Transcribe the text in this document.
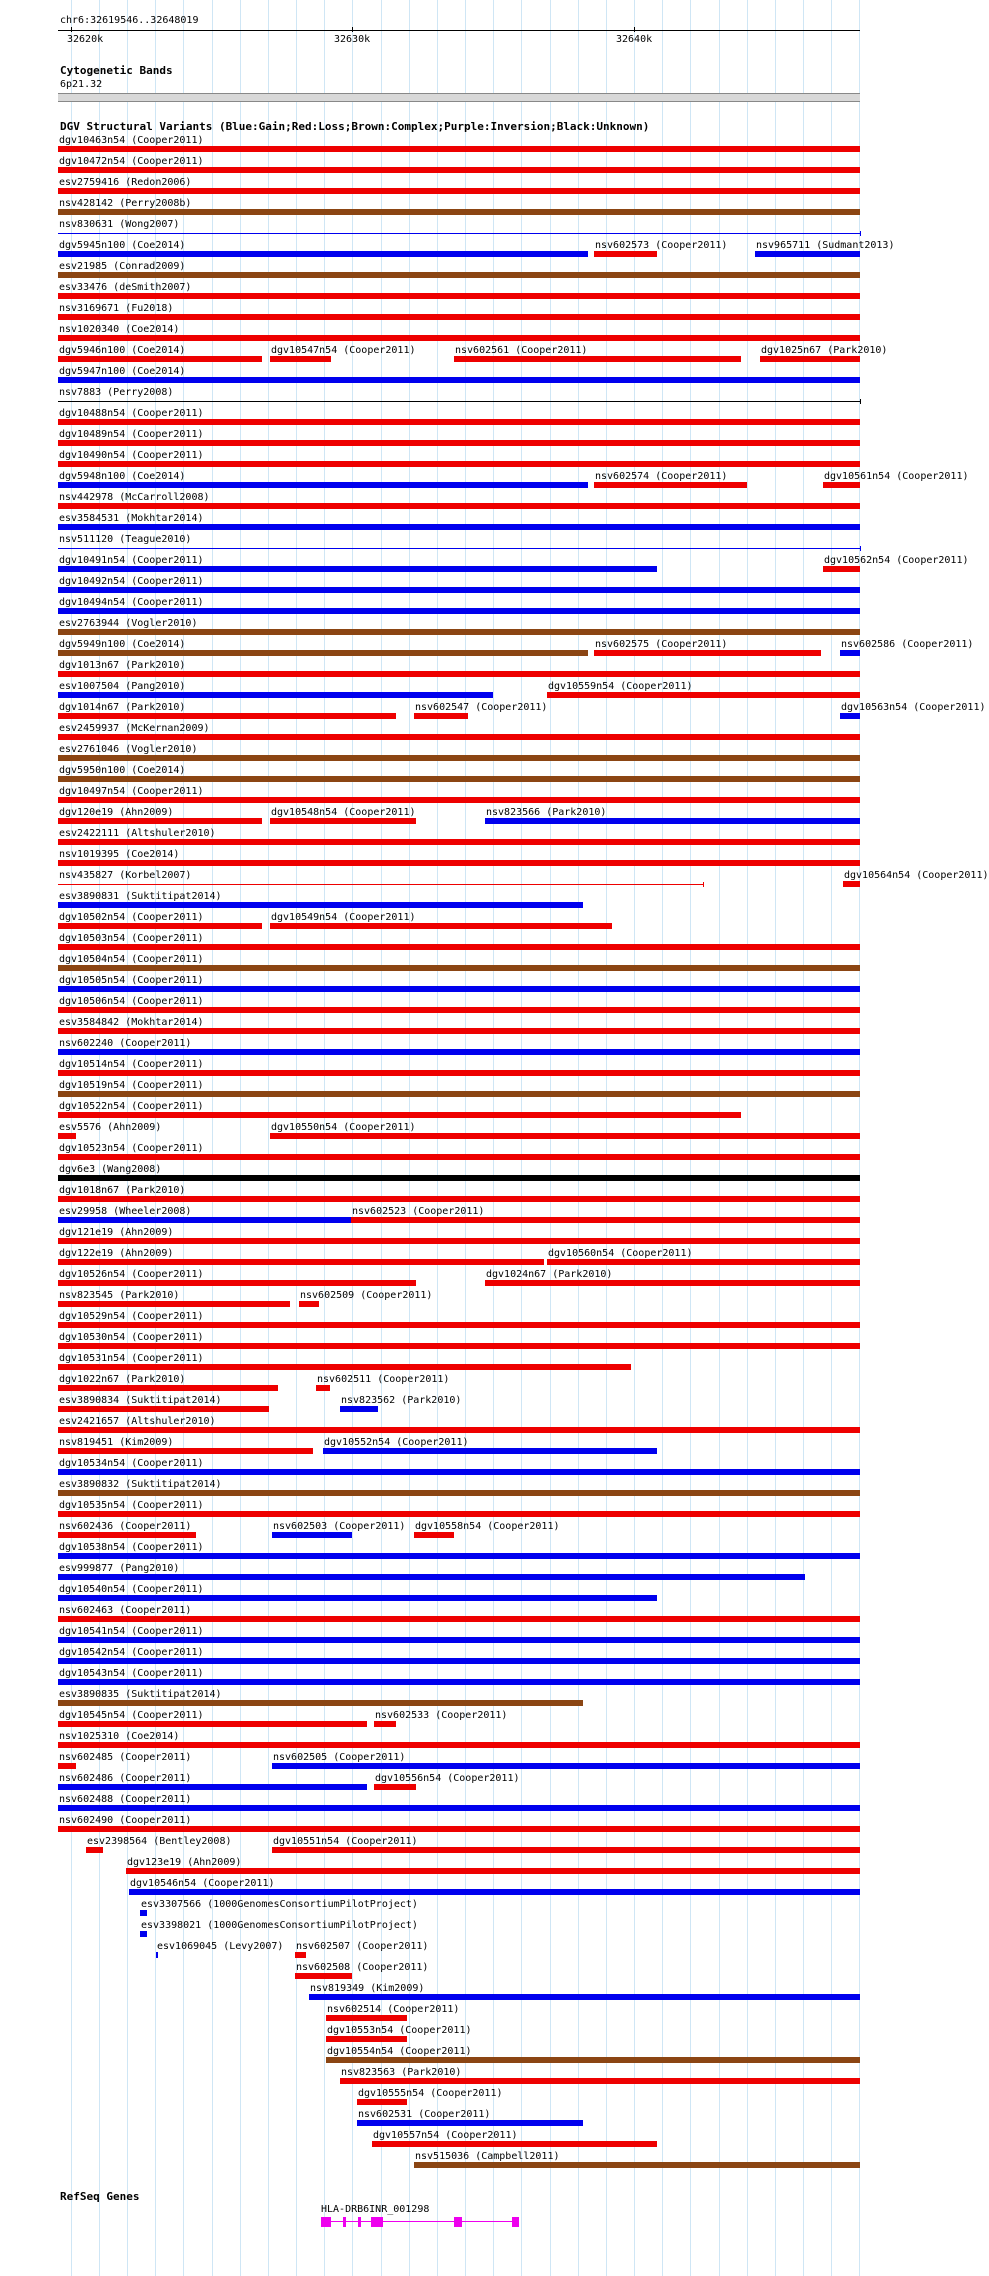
chr6:32619546..32648019
32620k	32630k	32640k
Cytogenetic Bands
6p21.32
DGV Structural Variants (Blue:Gain;Red:Loss;Brown:Complex;Purple:Inversion;Black:Unknown)
dgv10463n54 (Cooper2011)
dgv10472n54 (Cooper2011)
esv2759416 (Redon2006)
nsv428142 (Perry2008b)
nsv830631 (Wong2007)
dgv5945n100 (Coe2014)	nsv602573 (Cooper2011)	nsv965711 (Sudmant2013)
esv21985 (Conrad2009)
esv33476 (deSmith2007)
nsv3169671 (Fu2018)
nsv1020340 (Coe2014)
dgv5946n100 (Coe2014)	dgv10547n54 (Cooper2011)	nsv602561 (Cooper2011)	dgv1025n67 (Park2010)
dgv5947n100 (Coe2014)
nsv7883 (Perry2008)
dgv10488n54 (Cooper2011)
dgv10489n54 (Cooper2011)
dgv10490n54 (Cooper2011)
dgv5948n100 (Coe2014)	nsv602574 (Cooper2011)	dgv10561n54 (Cooper2011)
nsv442978 (McCarroll2008)
esv3584531 (Mokhtar2014)
nsv511120 (Teague2010)
dgv10491n54 (Cooper2011)	dgv10562n54 (Cooper2011)
dgv10492n54 (Cooper2011)
dgv10494n54 (Cooper2011)
esv2763944 (Vogler2010)
dgv5949n100 (Coe2014)	nsv602575 (Cooper2011)	nsv602586 (Cooper2011)
dgv1013n67 (Park2010)
esv1007504 (Pang2010)	dgv10559n54 (Cooper2011)
dgv1014n67 (Park2010)	nsv602547 (Cooper2011)	dgv10563n54 (Cooper2011)
esv2459937 (McKernan2009)
esv2761046 (Vogler2010)
dgv5950n100 (Coe2014)
dgv10497n54 (Cooper2011)
dgv120e19 (Ahn2009)	dgv10548n54 (Cooper2011)	nsv823566 (Park2010)
esv2422111 (Altshuler2010)
nsv1019395 (Coe2014)
nsv435827 (Korbel2007)	dgv10564n54 (Cooper2011)
esv3890831 (Suktitipat2014)
dgv10502n54 (Cooper2011)	dgv10549n54 (Cooper2011)
dgv10503n54 (Cooper2011)
dgv10504n54 (Cooper2011)
dgv10505n54 (Cooper2011)
dgv10506n54 (Cooper2011)
esv3584842 (Mokhtar2014)
nsv602240 (Cooper2011)
dgv10514n54 (Cooper2011)
dgv10519n54 (Cooper2011)
dgv10522n54 (Cooper2011)
esv5576 (Ahn2009)	dgv10550n54 (Cooper2011)
dgv10523n54 (Cooper2011)
dgv6e3 (Wang2008)
dgv1018n67 (Park2010)
esv29958 (Wheeler2008)	nsv602523 (Cooper2011)
dgv121e19 (Ahn2009)
dgv122e19 (Ahn2009)	dgv10560n54 (Cooper2011)
dgv10526n54 (Cooper2011)	dgv1024n67 (Park2010)
nsv823545 (Park2010)	nsv602509 (Cooper2011)
dgv10529n54 (Cooper2011)
dgv10530n54 (Cooper2011)
dgv10531n54 (Cooper2011)
dgv1022n67 (Park2010)	nsv602511 (Cooper2011)
esv3890834 (Suktitipat2014)	nsv823562 (Park2010)
esv2421657 (Altshuler2010)
nsv819451 (Kim2009)	dgv10552n54 (Cooper2011)
dgv10534n54 (Cooper2011)
esv3890832 (Suktitipat2014)
dgv10535n54 (Cooper2011)
nsv602436 (Cooper2011)	nsv602503 (Cooper2011) dgv10558n54 (Cooper2011)
dgv10538n54 (Cooper2011)
esv999877 (Pang2010)
dgv10540n54 (Cooper2011)
nsv602463 (Cooper2011)
dgv10541n54 (Cooper2011)
dgv10542n54 (Cooper2011)
dgv10543n54 (Cooper2011)
esv3890835 (Suktitipat2014)
dgv10545n54 (Cooper2011)	nsv602533 (Cooper2011)
nsv1025310 (Coe2014)
nsv602485 (Cooper2011)	nsv602505 (Cooper2011)
nsv602486 (Cooper2011)	dgv10556n54 (Cooper2011)
nsv602488 (Cooper2011)
nsv602490 (Cooper2011)
esv2398564 (Bentley2008)	dgv10551n54 (Cooper2011)
dgv123e19 (Ahn2009)
dgv10546n54 (Cooper2011)
esv3307566 (1000GenomesConsortiumPilotProject)
esv3398021 (1000GenomesConsortiumPilotProject)
esv1069045 (Levy2007) nsv602507 (Cooper2011)
nsv602508 (Cooper2011)
nsv819349 (Kim2009)
nsv602514 (Cooper2011)
dgv10553n54 (Cooper2011)
dgv10554n54 (Cooper2011)
nsv823563 (Park2010)
dgv10555n54 (Cooper2011)
nsv602531 (Cooper2011)
dgv10557n54 (Cooper2011)
nsv515036 (Campbell2011)
RefSeq Genes
HLA-DRB6INR_001298
